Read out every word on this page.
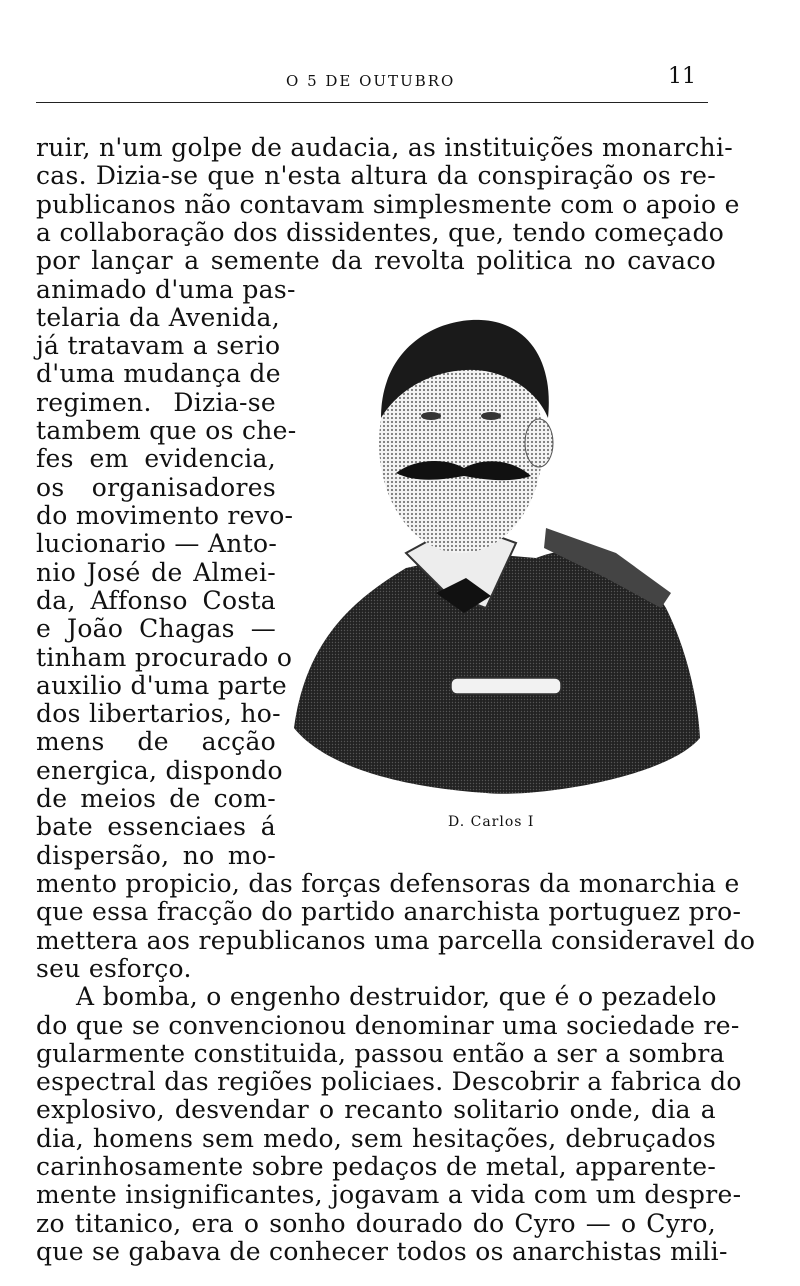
O 5 DE OUTUBRO	11
ruir, n'um golpe de audacia, as instituições monarchi-
cas. Dizia-se que n'esta altura da conspiração os re-
publicanos não contavam simplesmente com o apoio e
a collaboração dos dissidentes, que, tendo começado
por lançar a semente da revolta politica no cavaco
animado d'uma pas-
telaria da Avenida,
já tratavam a serio
d'uma mudança de
regimen. Dizia-se
tambem que os che-
fes em evidencia,
os organisadores
do movimento revo-
lucionario — Anto-
nio José de Almei-
da, Affonso Costa
e João Chagas —
tinham procurado o
auxilio d'uma parte
dos libertarios, ho-
mens de acção
energica, dispondo
de meios de com-
bate essenciaes á
dispersão, no mo-
mento propicio, das forças defensoras da monarchia e
que essa fracção do partido anarchista portuguez pro-
mettera aos republicanos uma parcella consideravel do
seu esforço.
A bomba, o engenho destruidor, que é o pezadelo
do que se convencionou denominar uma sociedade re-
gularmente constituida, passou então a ser a sombra
espectral das regiões policiaes. Descobrir a fabrica do
explosivo, desvendar o recanto solitario onde, dia a
dia, homens sem medo, sem hesitações, debruçados
carinhosamente sobre pedaços de metal, apparente-
mente insignificantes, jogavam a vida com um despre-
zo titanico, era o sonho dourado do Cyro — o Cyro,
que se gabava de conhecer todos os anarchistas mili-
D. Carlos I
